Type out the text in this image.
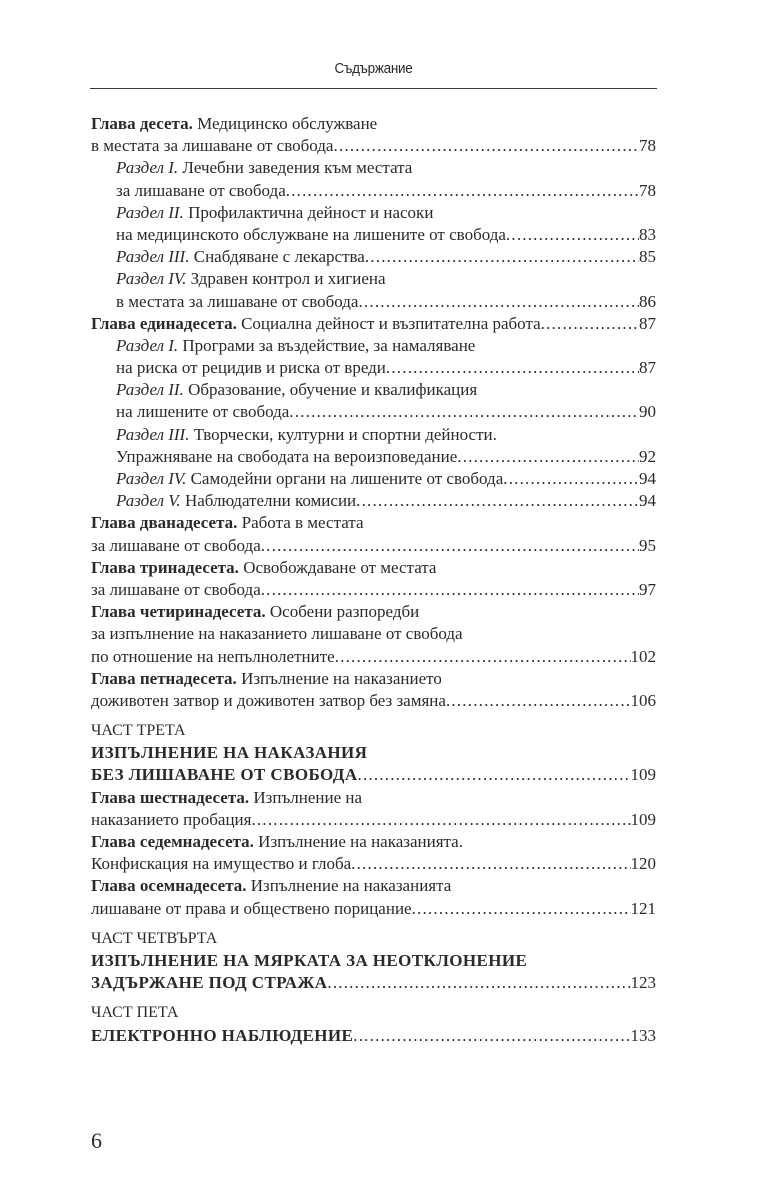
Съдържание
Глава десета. Медицинско обслужване
в местата за лишаване от свобода .....	78
Раздел I. Лечебни заведения към местата
за лишаване от свобода .....	78
Раздел II. Профилактична дейност и насоки
на медицинското обслужване на лишените от свобода .....	83
Раздел III. Снабдяване с лекарства .....	85
Раздел IV. Здравен контрол и хигиена
в местата за лишаване от свобода .....	86
Глава единадесета. Социална дейност и възпитателна работа .....	87
Раздел I. Програми за въздействие, за намаляване
на риска от рецидив и риска от вреди .....	87
Раздел II. Образование, обучение и квалификация
на лишените от свобода .....	90
Раздел III. Творчески, културни и спортни дейности.
Упражняване на свободата на вероизповедание .....	92
Раздел IV. Самодейни органи на лишените от свобода .....	94
Раздел V. Наблюдателни комисии .....	94
Глава дванадесета. Работа в местата
за лишаване от свобода .....	95
Глава тринадесета. Освобождаване от местата
за лишаване от свобода .....	97
Глава четиринадесета. Особени разпоредби
за изпълнение на наказанието лишаване от свобода
по отношение на непълнолетните .....	102
Глава петнадесета. Изпълнение на наказанието
доживотен затвор и доживотен затвор без замяна .....	106
ЧАСТ ТРЕТА
ИЗПЪЛНЕНИЕ НА НАКАЗАНИЯ
БЕЗ ЛИШАВАНЕ ОТ СВОБОДА .....	109
Глава шестнадесета. Изпълнение на
наказанието пробация .....	109
Глава седемнадесета. Изпълнение на наказанията.
Конфискация на имущество и глоба .....	120
Глава осемнадесета. Изпълнение на наказанията
лишаване от права и обществено порицание .....	121
ЧАСТ ЧЕТВЪРТА
ИЗПЪЛНЕНИЕ НА МЯРКАТА ЗА НЕОТКЛОНЕНИЕ
ЗАДЪРЖАНЕ ПОД СТРАЖА .....	123
ЧАСТ ПЕТА
ЕЛЕКТРОННО НАБЛЮДЕНИЕ .....	133
6
